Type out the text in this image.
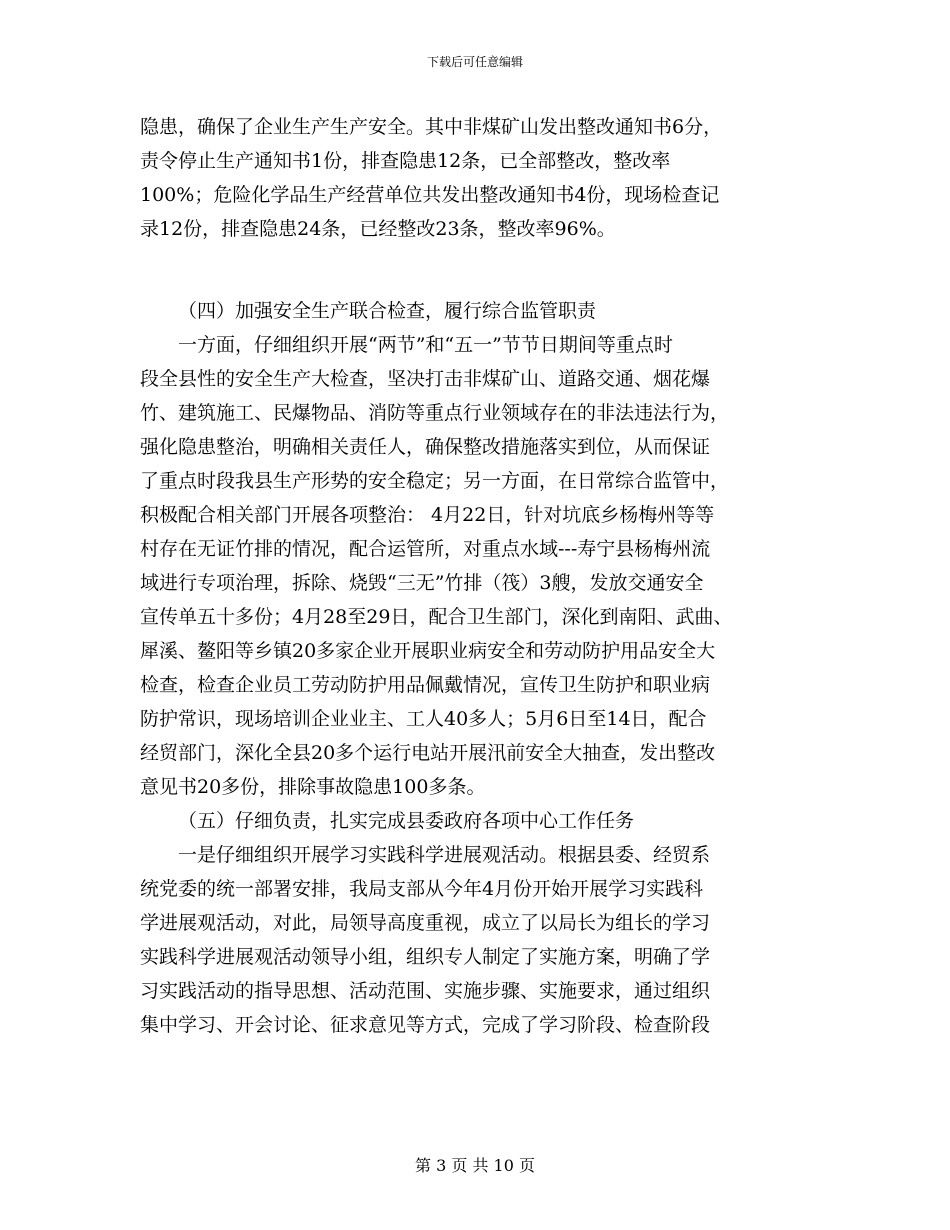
下载后可任意编辑
隐患，确保了企业生产生产安全。其中非煤矿山发出整改通知书6分，
责令停止生产通知书1份，排查隐患12条，已全部整改，整改率
100%；危险化学品生产经营单位共发出整改通知书4份，现场检查记
录12份，排查隐患24条，已经整改23条，整改率96%。
（四）加强安全生产联合检查，履行综合监管职责
一方面，仔细组织开展“两节”和“五一”节节日期间等重点时
段全县性的安全生产大检查，坚决打击非煤矿山、道路交通、烟花爆
竹、建筑施工、民爆物品、消防等重点行业领域存在的非法违法行为，
强化隐患整治，明确相关责任人，确保整改措施落实到位，从而保证
了重点时段我县生产形势的安全稳定；另一方面，在日常综合监管中，
积极配合相关部门开展各项整治： 4月22日，针对坑底乡杨梅州等等
村存在无证竹排的情况，配合运管所，对重点水域---寿宁县杨梅州流
域进行专项治理，拆除、烧毁“三无”竹排（筏）3艘，发放交通安全
宣传单五十多份；4月28至29日，配合卫生部门，深化到南阳、武曲、
犀溪、鳌阳等乡镇20多家企业开展职业病安全和劳动防护用品安全大
检查，检查企业员工劳动防护用品佩戴情况，宣传卫生防护和职业病
防护常识，现场培训企业业主、工人40多人；5月6日至14日，配合
经贸部门，深化全县20多个运行电站开展汛前安全大抽查，发出整改
意见书20多份，排除事故隐患100多条。
（五）仔细负责，扎实完成县委政府各项中心工作任务
一是仔细组织开展学习实践科学进展观活动。根据县委、经贸系
统党委的统一部署安排，我局支部从今年4月份开始开展学习实践科
学进展观活动，对此，局领导高度重视，成立了以局长为组长的学习
实践科学进展观活动领导小组，组织专人制定了实施方案，明确了学
习实践活动的指导思想、活动范围、实施步骤、实施要求，通过组织
集中学习、开会讨论、征求意见等方式，完成了学习阶段、检查阶段
第 3 页 共 10 页
